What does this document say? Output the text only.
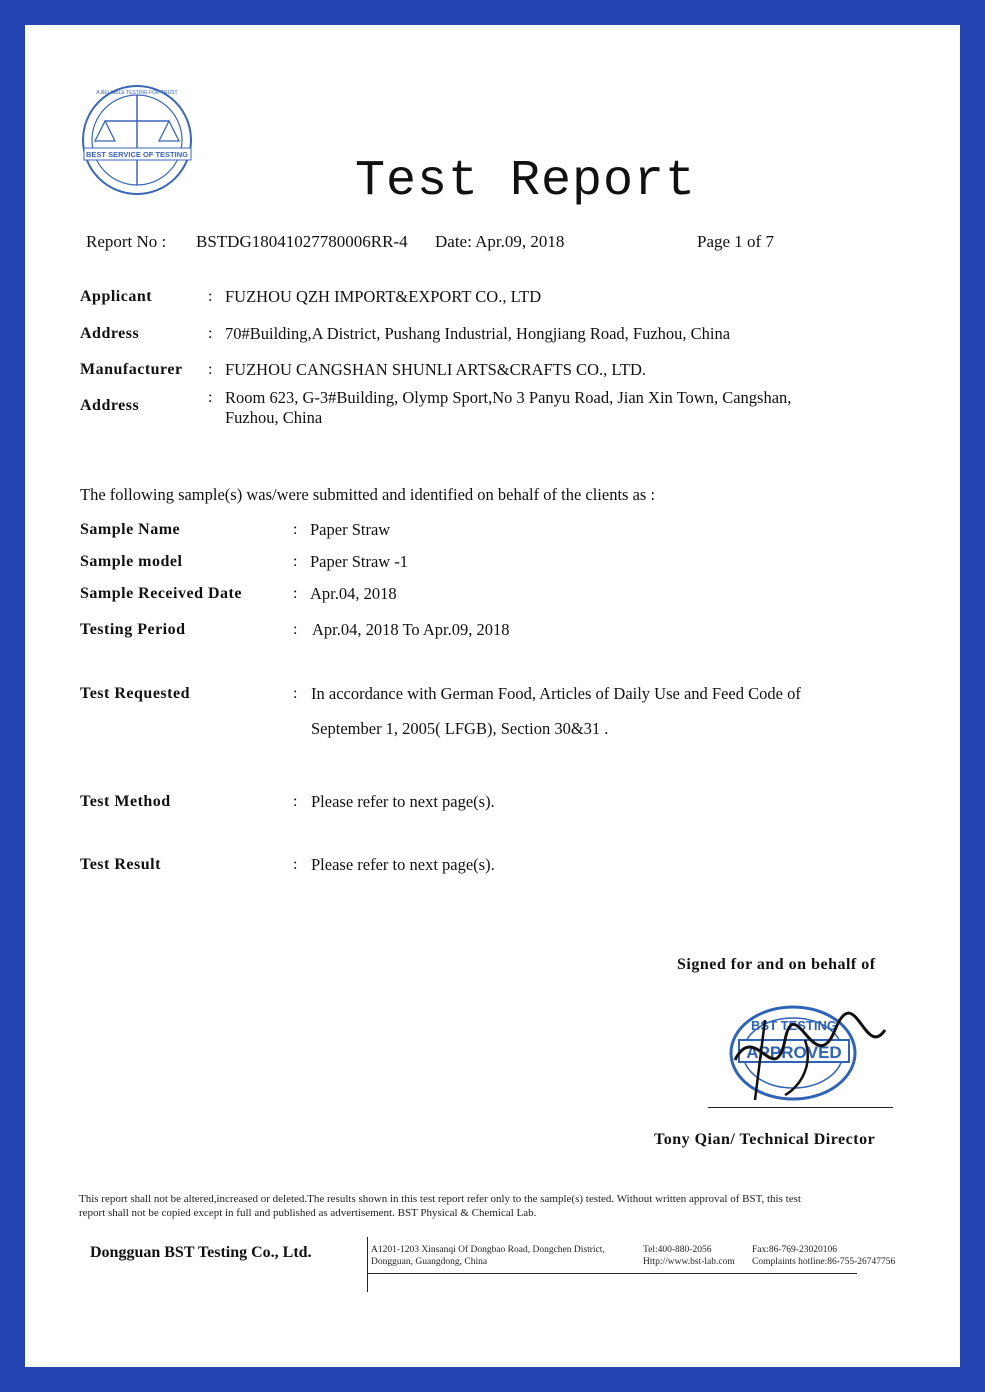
BEST SERVICE OF TESTING
A RELIABLE TESTING FOR TRUST
Test Report
Report No : BSTDG18041027780006RR-4 Date: Apr.09, 2018	Page 1 of 7
Applicant	: FUZHOU QZH IMPORT&EXPORT CO., LTD
Address	: 70#Building,A District, Pushang Industrial, Hongjiang Road, Fuzhou, China
Manufacturer : FUZHOU CANGSHAN SHUNLI ARTS&CRAFTS CO., LTD.
Address	: Room 623, G-3#Building, Olymp Sport,No 3 Panyu Road, Jian Xin Town, Cangshan,
Fuzhou, China
The following sample(s) was/were submitted and identified on behalf of the clients as :
Sample Name	: Paper Straw
Sample model	: Paper Straw -1
Sample Received Date	: Apr.04, 2018
Testing Period	: Apr.04, 2018 To Apr.09, 2018
Test Requested	: In accordance with German Food, Articles of Daily Use and Feed Code of
September 1, 2005( LFGB), Section 30&31 .
Test Method	: Please refer to next page(s).
Test Result	: Please refer to next page(s).
Signed for and on behalf of
APPROVED
BST TESTING
Tony Qian/ Technical Director
This report shall not be altered,increased or deleted.The results shown in this test report refer only to the sample(s) tested. Without written approval of BST, this test
report shall not be copied except in full and published as advertisement. BST Physical & Chemical Lab.
Dongguan BST Testing Co., Ltd.	A1201-1203 Xinsanqi Of Dongbao Road, Dongchen District,
Dongguan, Guangdong, China
Tel:400-880-2056
Http://www.bst-lab.com
Fax:86-769-23020106
Complaints hotline:86-755-26747756
